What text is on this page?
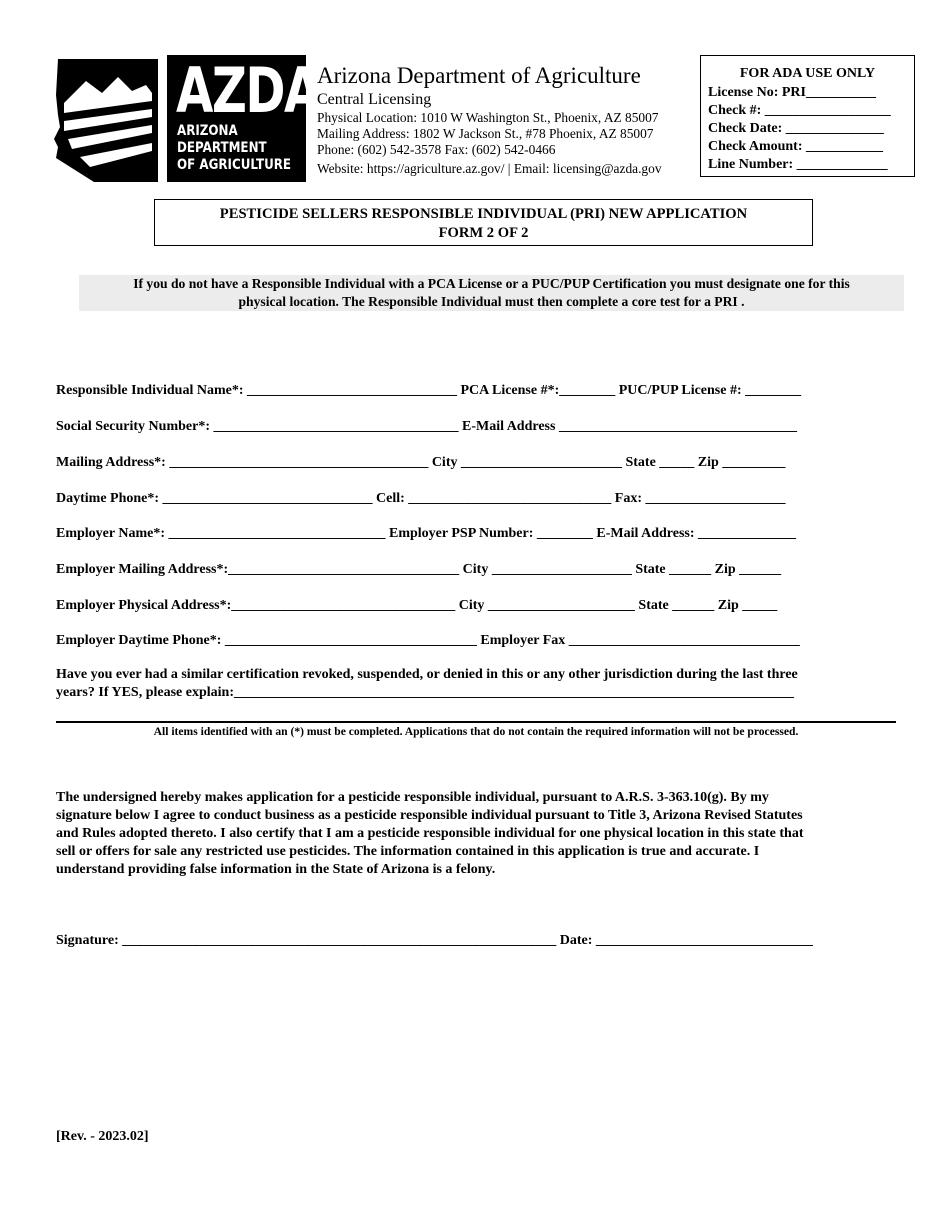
AZDA
ARIZONA
DEPARTMENT
OF AGRICULTURE
Arizona Department of Agriculture
Central Licensing
Physical Location: 1010 W Washington St., Phoenix, AZ 85007
Mailing Address: 1802 W Jackson St., #78 Phoenix, AZ 85007
Phone: (602) 542-3578 Fax: (602) 542-0466
Website: https://agriculture.az.gov/ | Email: licensing@azda.gov
FOR ADA USE ONLY
License No: PRI__________
Check #: __________________
Check Date: ______________
Check Amount: ___________
Line Number: _____________
PESTICIDE SELLERS RESPONSIBLE INDIVIDUAL (PRI) NEW APPLICATION
FORM 2 OF 2
If you do not have a Responsible Individual with a PCA License or a PUC/PUP Certification you must designate one for this
physical location. The Responsible Individual must then complete a core test for a PRI .
Responsible Individual Name*: ______________________________ PCA License #*:________ PUC/PUP License #: ________
Social Security Number*: ___________________________________ E-Mail Address __________________________________
Mailing Address*: _____________________________________ City _______________________ State _____ Zip _________
Daytime Phone*: ______________________________ Cell: _____________________________ Fax: ____________________
Employer Name*: _______________________________ Employer PSP Number: ________ E-Mail Address: ______________
Employer Mailing Address*:_________________________________ City ____________________ State ______ Zip ______
Employer Physical Address*:________________________________ City _____________________ State ______ Zip _____
Employer Daytime Phone*: ____________________________________ Employer Fax _________________________________
Have you ever had a similar certification revoked, suspended, or denied in this or any other jurisdiction during the last three
years? If YES, please explain:________________________________________________________________________________
All items identified with an (*) must be completed. Applications that do not contain the required information will not be processed.
The undersigned hereby makes application for a pesticide responsible individual, pursuant to A.R.S. 3-363.10(g). By my
signature below I agree to conduct business as a pesticide responsible individual pursuant to Title 3, Arizona Revised Statutes
and Rules adopted thereto. I also certify that I am a pesticide responsible individual for one physical location in this state that
sell or offers for sale any restricted use pesticides. The information contained in this application is true and accurate. I
understand providing false information in the State of Arizona is a felony.
Signature: ______________________________________________________________ Date: _______________________________
[Rev. - 2023.02]
